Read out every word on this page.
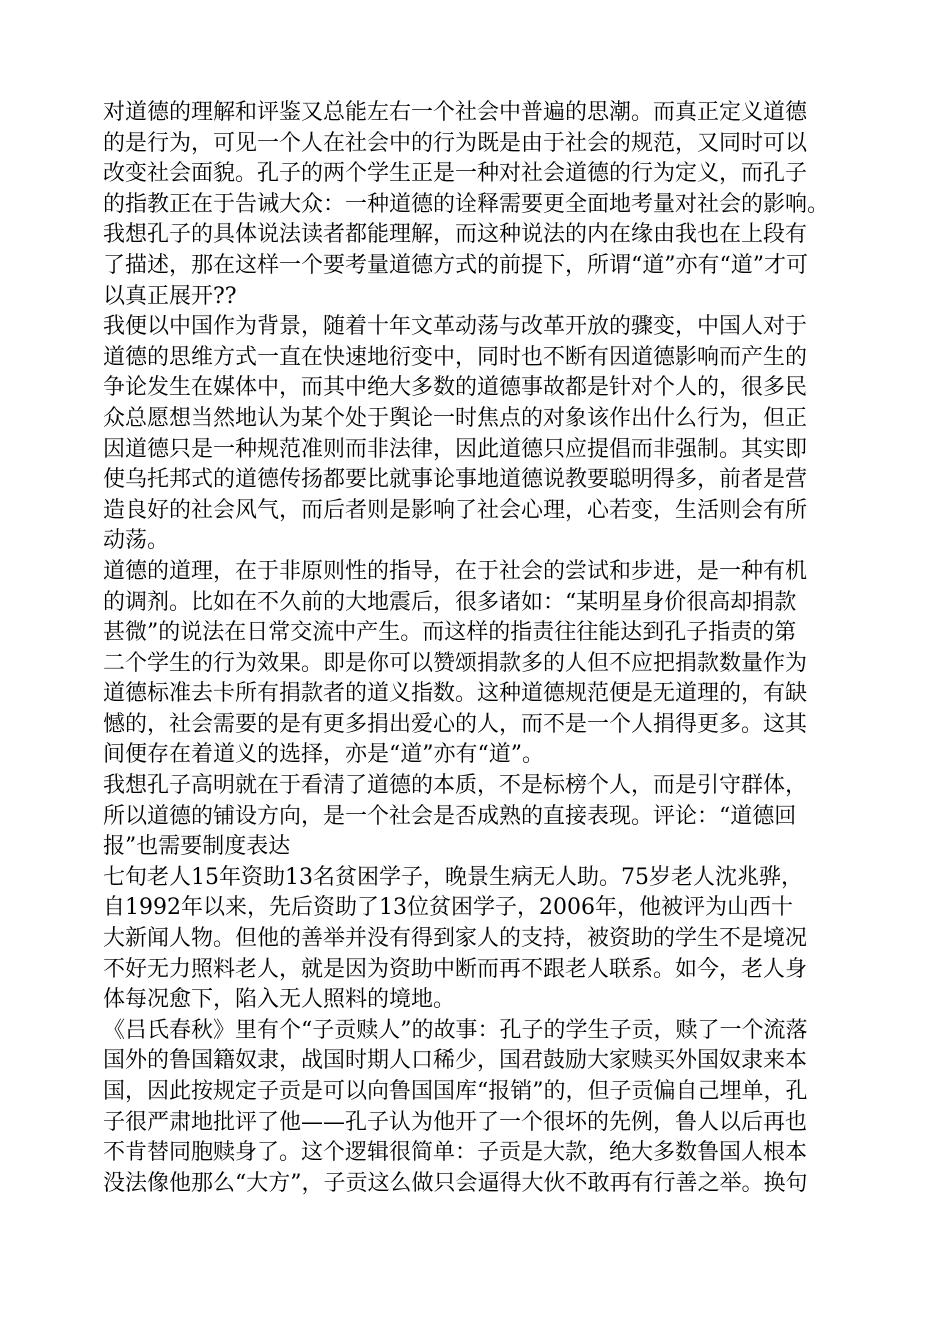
对道德的理解和评鉴又总能左右一个社会中普遍的思潮。而真正定义道德
的是行为，可见一个人在社会中的行为既是由于社会的规范，又同时可以
改变社会面貌。孔子的两个学生正是一种对社会道德的行为定义，而孔子
的指教正在于告诫大众：一种道德的诠释需要更全面地考量对社会的影响。
我想孔子的具体说法读者都能理解，而这种说法的内在缘由我也在上段有
了描述，那在这样一个要考量道德方式的前提下，所谓“道”亦有“道”才可
以真正展开??
我便以中国作为背景，随着十年文革动荡与改革开放的骤变，中国人对于
道德的思维方式一直在快速地衍变中，同时也不断有因道德影响而产生的
争论发生在媒体中，而其中绝大多数的道德事故都是针对个人的，很多民
众总愿想当然地认为某个处于舆论一时焦点的对象该作出什么行为，但正
因道德只是一种规范准则而非法律，因此道德只应提倡而非强制。其实即
使乌托邦式的道德传扬都要比就事论事地道德说教要聪明得多，前者是营
造良好的社会风气，而后者则是影响了社会心理，心若变，生活则会有所
动荡。
道德的道理，在于非原则性的指导，在于社会的尝试和步进，是一种有机
的调剂。比如在不久前的大地震后，很多诸如：“某明星身价很高却捐款
甚微”的说法在日常交流中产生。而这样的指责往往能达到孔子指责的第
二个学生的行为效果。即是你可以赞颂捐款多的人但不应把捐款数量作为
道德标准去卡所有捐款者的道义指数。这种道德规范便是无道理的，有缺
憾的，社会需要的是有更多捐出爱心的人，而不是一个人捐得更多。这其
间便存在着道义的选择，亦是“道”亦有“道”。
我想孔子高明就在于看清了道德的本质，不是标榜个人，而是引守群体，
所以道德的铺设方向，是一个社会是否成熟的直接表现。评论：“道德回
报”也需要制度表达
七旬老人15年资助13名贫困学子，晚景生病无人助。75岁老人沈兆骅，
自1992年以来，先后资助了13位贫困学子，2006年，他被评为山西十
大新闻人物。但他的善举并没有得到家人的支持，被资助的学生不是境况
不好无力照料老人，就是因为资助中断而再不跟老人联系。如今，老人身
体每况愈下，陷入无人照料的境地。
《吕氏春秋》里有个“子贡赎人”的故事：孔子的学生子贡，赎了一个流落
国外的鲁国籍奴隶，战国时期人口稀少，国君鼓励大家赎买外国奴隶来本
国，因此按规定子贡是可以向鲁国国库“报销”的，但子贡偏自己埋单，孔
子很严肃地批评了他——孔子认为他开了一个很坏的先例，鲁人以后再也
不肯替同胞赎身了。这个逻辑很简单：子贡是大款，绝大多数鲁国人根本
没法像他那么“大方”，子贡这么做只会逼得大伙不敢再有行善之举。换句
